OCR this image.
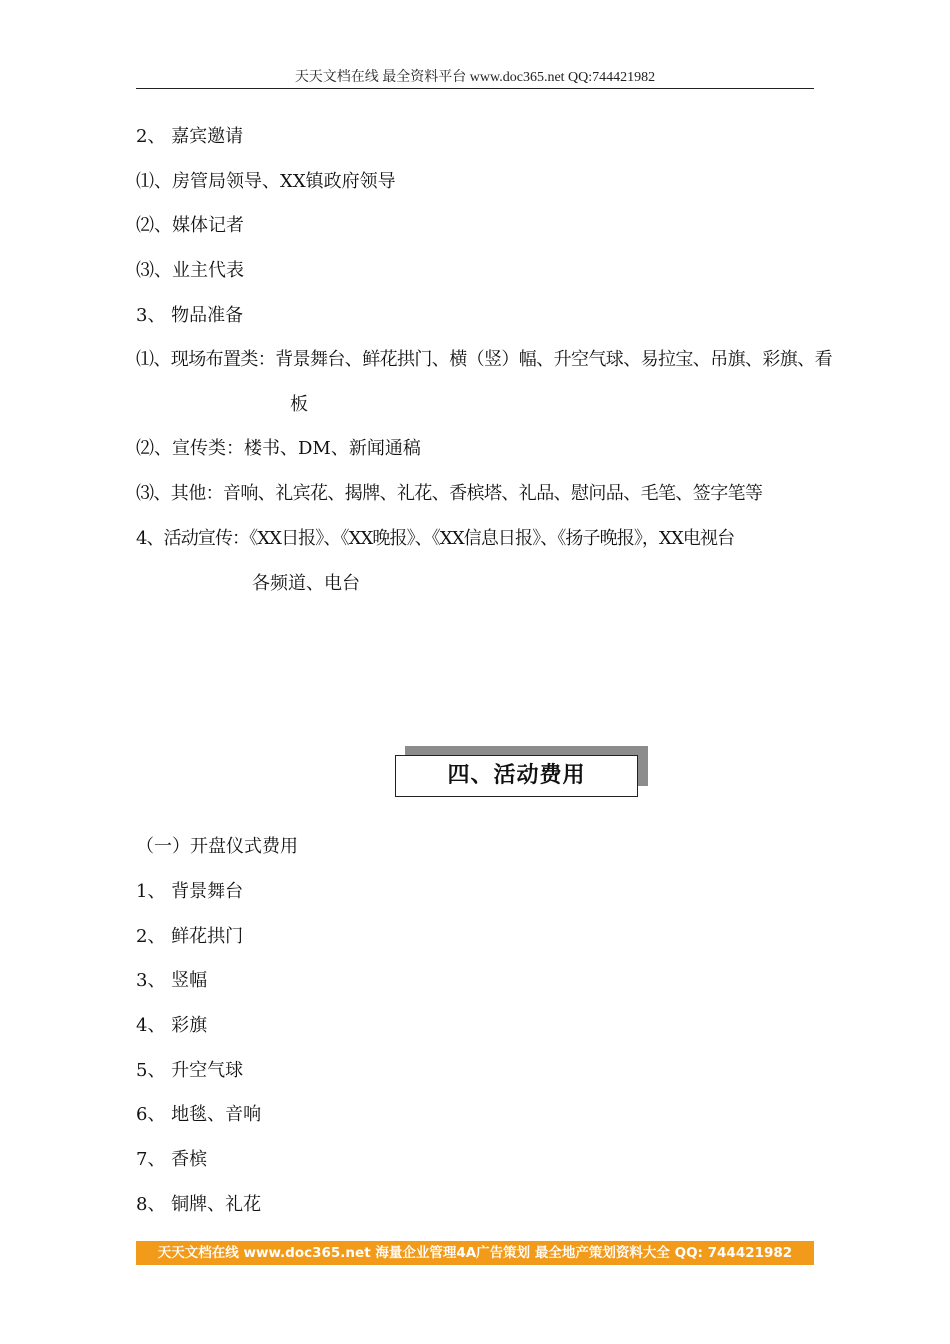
天天文档在线 最全资料平台 www.doc365.net QQ:744421982
2、 嘉宾邀请
⑴、房管局领导、XX镇政府领导
⑵、媒体记者
⑶、业主代表
3、 物品准备
⑴、现场布置类：背景舞台、鲜花拱门、横（竖）幅、升空气球、易拉宝、吊旗、彩旗、看
板
⑵、宣传类：楼书、DM、新闻通稿
⑶、其他：音响、礼宾花、揭牌、礼花、香槟塔、礼品、慰问品、毛笔、签字笔等
4、活动宣传：《XX日报》、《XX晚报》、《XX信息日报》、《扬子晚报》，XX电视台
各频道、电台
四、活动费用
（一）开盘仪式费用
1、 背景舞台
2、 鲜花拱门
3、 竖幅
4、 彩旗
5、 升空气球
6、 地毯、音响
7、 香槟
8、 铜牌、礼花
天天文档在线 www.doc365.net 海量企业管理4A广告策划 最全地产策划资料大全 QQ: 744421982
